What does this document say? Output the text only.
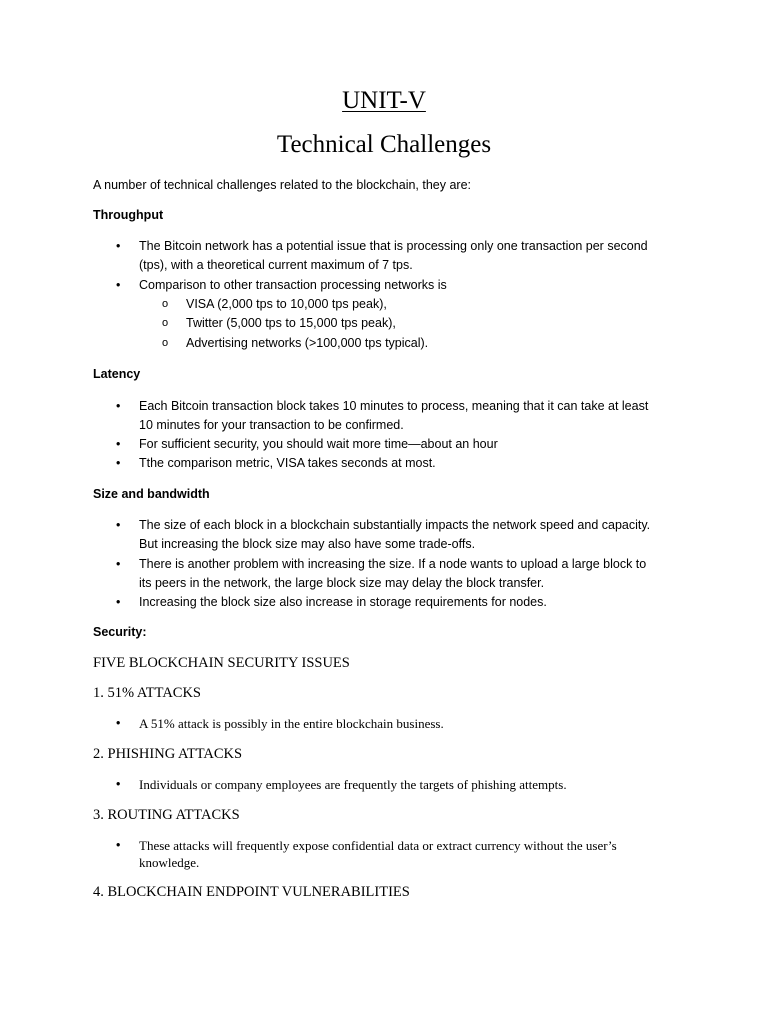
UNIT-V
Technical Challenges
A number of technical challenges related to the blockchain, they are:
Throughput
• The Bitcoin network has a potential issue that is processing only one transaction per second
(tps), with a theoretical current maximum of 7 tps.
• Comparison to other transaction processing networks is
o VISA (2,000 tps to 10,000 tps peak),
o Twitter (5,000 tps to 15,000 tps peak),
o Advertising networks (>100,000 tps typical).
Latency
• Each Bitcoin transaction block takes 10 minutes to process, meaning that it can take at least
10 minutes for your transaction to be confirmed.
• For sufficient security, you should wait more time—about an hour
• Tthe comparison metric, VISA takes seconds at most.
Size and bandwidth
• The size of each block in a blockchain substantially impacts the network speed and capacity.
But increasing the block size may also have some trade-offs.
• There is another problem with increasing the size. If a node wants to upload a large block to
its peers in the network, the large block size may delay the block transfer.
• Increasing the block size also increase in storage requirements for nodes.
Security:
FIVE BLOCKCHAIN SECURITY ISSUES
1. 51% ATTACKS
• A 51% attack is possibly in the entire blockchain business.
2. PHISHING ATTACKS
• Individuals or company employees are frequently the targets of phishing attempts.
3. ROUTING ATTACKS
• These attacks will frequently expose confidential data or extract currency without the user’s
knowledge.
4. BLOCKCHAIN ENDPOINT VULNERABILITIES
